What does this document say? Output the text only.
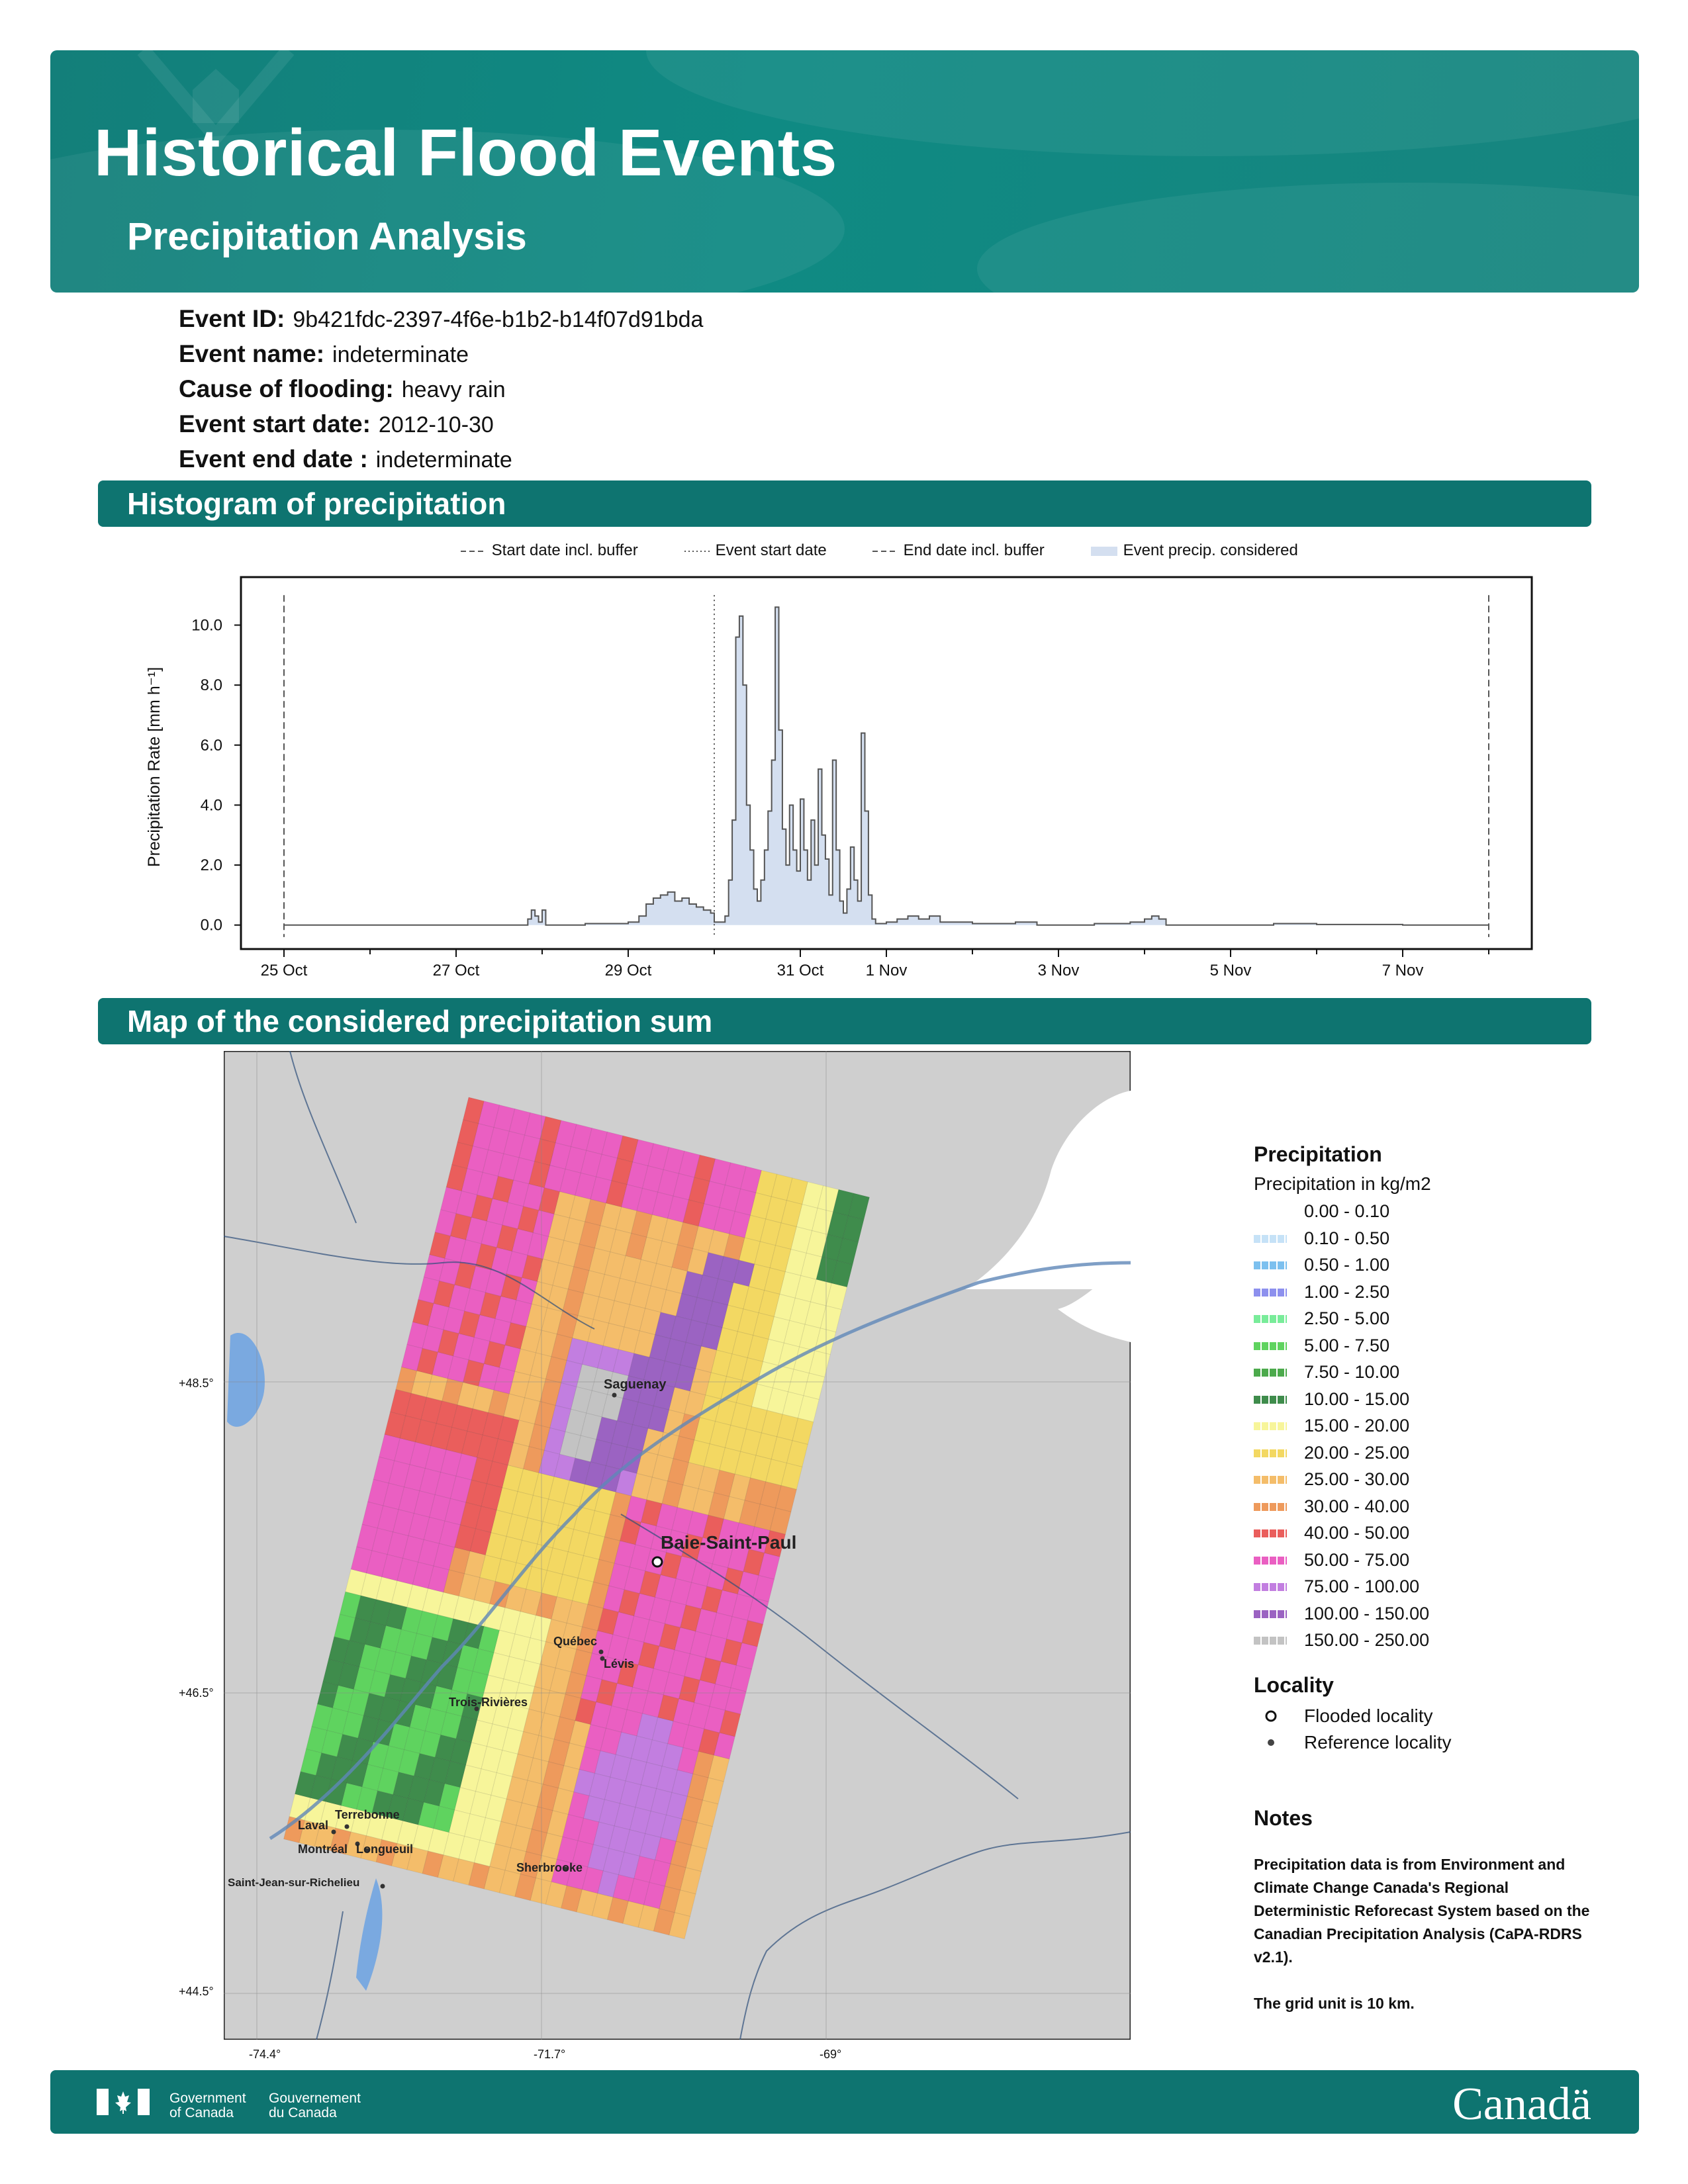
Historical Flood Events
Precipitation Analysis
Event ID: 9b421fdc-2397-4f6e-b1b2-b14f07d91bda
Event name: indeterminate
Cause of flooding: heavy rain
Event start date: 2012-10-30
Event end date : indeterminate
Histogram of precipitation
Start date incl. buffer	Event start date	End date incl. buffer	Event precip. considered
Precipitation Rate [mm h⁻¹]
0.0
2.0
4.0
6.0
8.0
10.0
25 Oct	27 Oct	29 Oct	31 Oct	1 Nov	3 Nov	5 Nov	7 Nov
Map of the considered precipitation sum
Saguenay
Baie-Saint-Paul
Québec
Lévis
Trois-Rivières
Laval
Terrebonne
Montréal Longueuil
Sherbrooke
Saint-Jean-sur-Richelieu
+48.5°
+46.5°
+44.5°
-74.4°	-71.7°	-69°
Precipitation
Precipitation in kg/m2
0.00 - 0.10
0.10 - 0.50
0.50 - 1.00
1.00 - 2.50
2.50 - 5.00
5.00 - 7.50
7.50 - 10.00
10.00 - 15.00
15.00 - 20.00
20.00 - 25.00
25.00 - 30.00
30.00 - 40.00
40.00 - 50.00
50.00 - 75.00
75.00 - 100.00
100.00 - 150.00
150.00 - 250.00
Locality
Flooded locality
Reference locality
Notes
Precipitation data is from Environment and Climate Change Canada's Regional Deterministic Reforecast System based on the Canadian Precipitation Analysis (CaPA-RDRS v2.1).
The grid unit is 10 km.
Government of Canada
Gouvernement du Canada	Canadä
